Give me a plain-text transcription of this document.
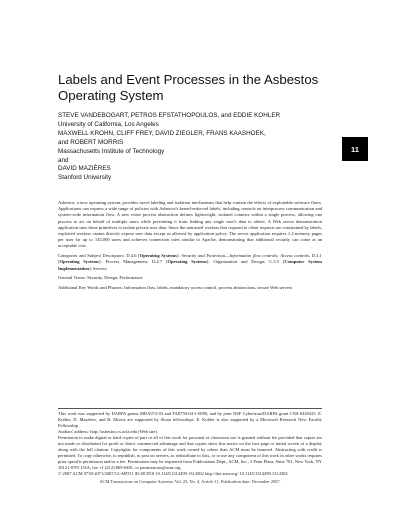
Labels and Event Processes in the Asbestos Operating System
STEVE VANDEBOGART, PETROS EFSTATHOPOULOS, and EDDIE KOHLER
University of California, Los Angeles
MAXWELL KROHN, CLIFF FREY, DAVID ZIEGLER, FRANS KAASHOEK,
and ROBERT MORRIS
Massachusetts Institute of Technology
and
DAVID MAZIÈRES
Stanford University
11

Asbestos, a new operating system, provides novel labeling and isolation mechanisms that help contain the effects of exploitable software flaws. Applications can express a wide range of policies with Asbestos's kernel-enforced labels, including controls on interprocess communication and system-wide information flow. A new event process abstraction defines lightweight, isolated contexts within a single process, allowing one process to act on behalf of multiple users while preventing it from leaking any single user's data to others. A Web server demonstration application uses these primitives to isolate private user data. Since the untrusted workers that respond to client requests are constrained by labels, exploited workers cannot directly expose user data except as allowed by application policy. The server application requires 1.4 memory pages per user for up to 145,000 users and achieves connection rates similar to Apache, demonstrating that additional security can come at an acceptable cost.

Categories and Subject Descriptors: D.4.6 [Operating Systems]: Security and Protection—Information flow controls; Access controls; D.4.1 [Operating Systems]: Process Management; D.4.7 [Operating Systems]: Organization and Design; C.5.5 [Computer System Implementation]: Servers

General Terms: Security, Design, Performance

Additional Key Words and Phrases: Information flow, labels, mandatory access control, process abstractions, secure Web servers

This work was supported by DARPA grants MDA972-03 and FA8750-04-1-0090, and by joint NSF Cybertrust/DARPA grant CNS-0430425. E. Kohler, D. Mazières, and R. Morris are supported by Sloan fellowships. E. Kohler is also supported by a Microsoft Research New Faculty Fellowship.

Authors' address: http://asbestos.cs.ucla.edu (Web site).

Permission to make digital or hard copies of part or all of this work for personal or classroom use is granted without fee provided that copies are not made or distributed for profit or direct commercial advantage and that copies show this notice on the first page or initial screen of a display along with the full citation. Copyrights for components of this work owned by others than ACM must be honored. Abstracting with credit is permitted. To copy otherwise, to republish, to post on servers, to redistribute to lists, or to use any component of this work in other works requires prior specific permission and/or a fee. Permissions may be requested from Publications Dept., ACM, Inc., 2 Penn Plaza, Suite 701, New York, NY 10121-0701 USA, fax +1 (212) 869-0481, or permissions@acm.org.

© 2007 ACM 0738-2071/2007/12-ART11 $5.00 DOI 10.1145/1314299.1314302 http://doi.acm.org/ 10.1145/1314299.1314302

ACM Transactions on Computer Systems, Vol. 25, No. 4, Article 11, Publication date: December 2007.
